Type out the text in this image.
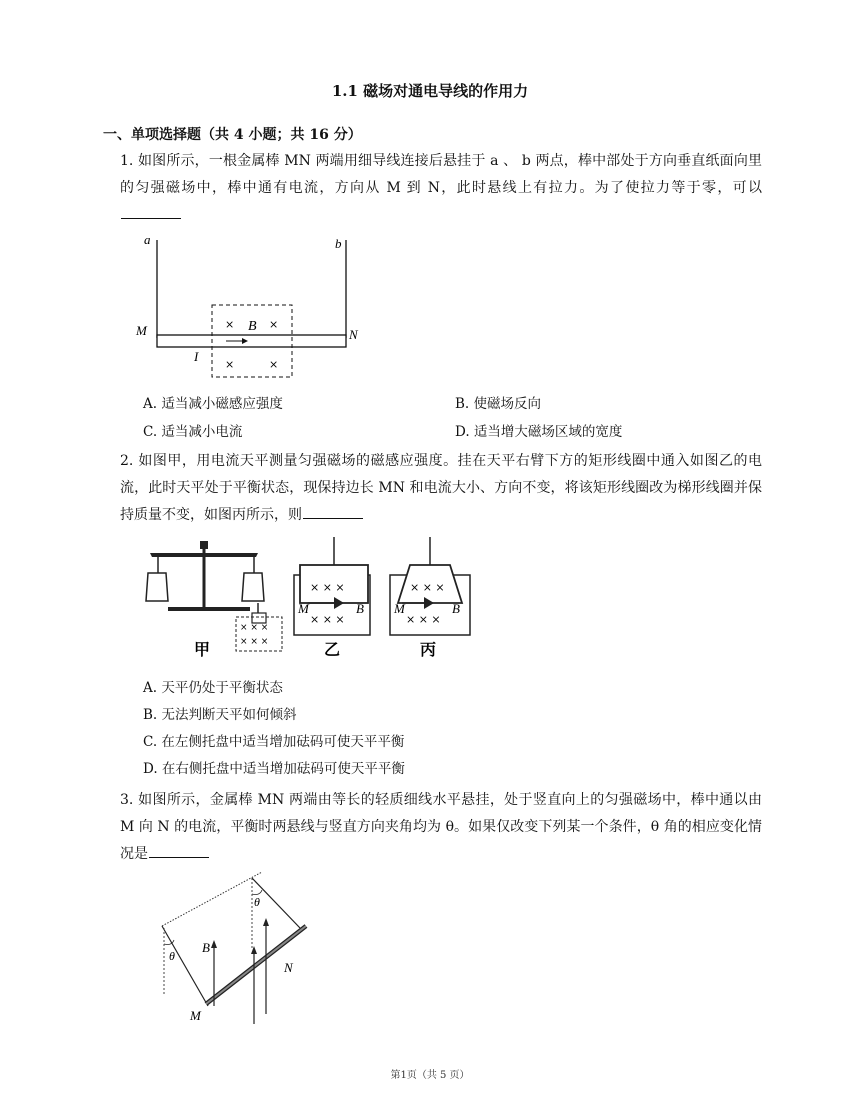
1.1 磁场对通电导线的作用力
一、单项选择题（共 4 小题；共 16 分）
1. 如图所示，一根金属棒 MN 两端用细导线连接后悬挂于 a 、 b 两点，棒中部处于方向垂直纸面向里的匀强磁场中，棒中通有电流，方向从 M 到 N，此时悬线上有拉力。为了使拉力等于零，可以
a	b
M	N
B
×	×
×	×
I
A. 适当减小磁感应强度	B. 使磁场反向
C. 适当减小电流	D. 适当增大磁场区域的宽度
2. 如图甲，用电流天平测量匀强磁场的磁感应强度。挂在天平右臂下方的矩形线圈中通入如图乙的电流，此时天平处于平衡状态，现保持边长 MN 和电流大小、方向不变，将该矩形线圈改为梯形线圈并保持质量不变，如图丙所示，则
× × ×
× × ×
甲
× × ×
× × ×
M	B
乙
× × ×
× × ×
M	B
丙
A. 天平仍处于平衡状态
B. 无法判断天平如何倾斜
C. 在左侧托盘中适当增加砝码可使天平平衡
D. 在右侧托盘中适当增加砝码可使天平平衡
3. 如图所示，金属棒 MN 两端由等长的轻质细线水平悬挂，处于竖直向上的匀强磁场中，棒中通以由 M 向 N 的电流，平衡时两悬线与竖直方向夹角均为 θ。如果仅改变下列某一个条件，θ 角的相应变化情况是
θ
θ
B
M
N
第1页（共 5 页）
